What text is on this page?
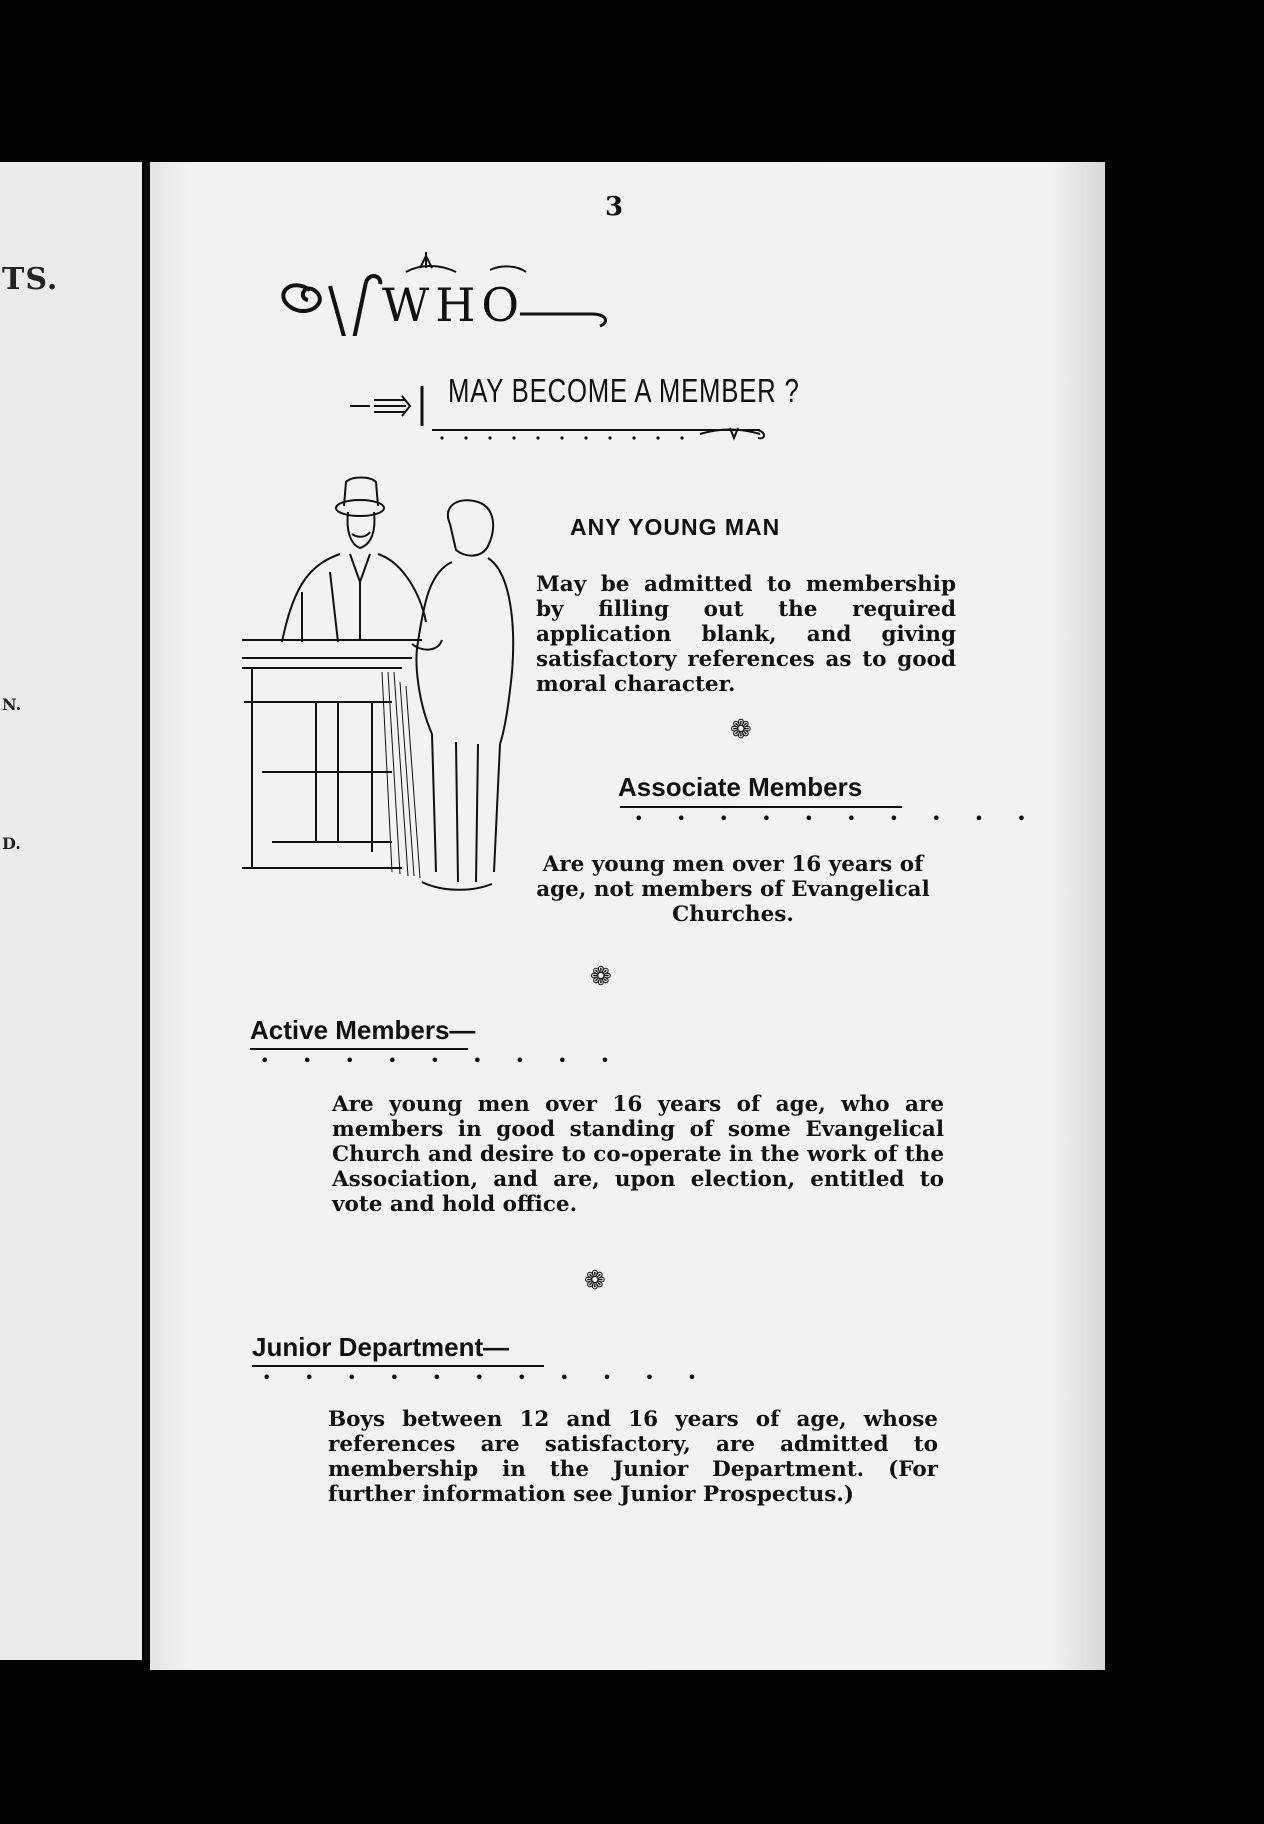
TS.
N.
D.
3
WHO
MAY BECOME A MEMBER ?
ANY YOUNG MAN
May be admitted to membership by filling out the required application blank, and giving satisfactory references as to good moral character.
❁
Associate Members
• • • • • • • • • •
Are young men over 16 years of age, not members of Evangelical Churches.
❁
Active Members—
• • • • • • • • •
Are young men over 16 years of age, who are members in good standing of some Evangelical Church and desire to co-operate in the work of the Association, and are, upon election, entitled to vote and hold office.
❁
Junior Department—
• • • • • • • • • • •
Boys between 12 and 16 years of age, whose references are satisfactory, are admitted to membership in the Junior Department. (For further information see Junior Prospectus.)
